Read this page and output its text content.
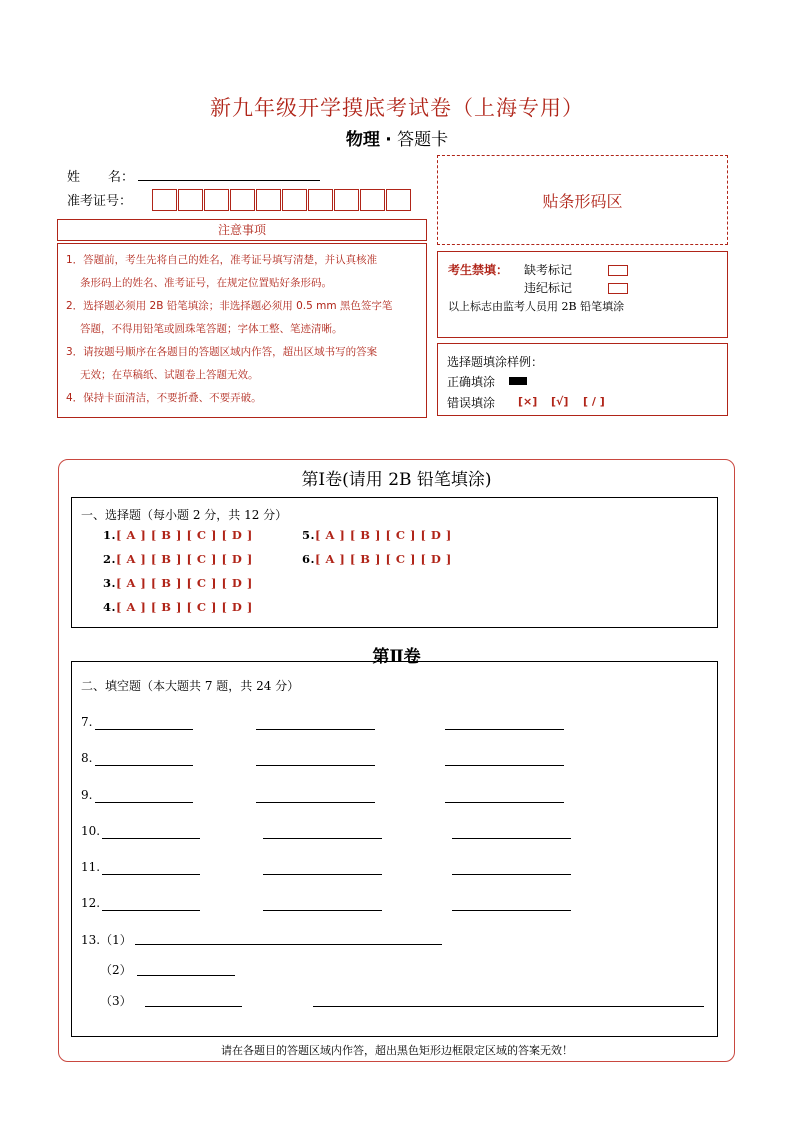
新九年级开学摸底考试卷（上海专用）
物理 · 答题卡
姓 名：
准考证号：	贴条形码区
注意事项
1．答题前，考生先将自己的姓名，准考证号填写清楚，并认真核准
条形码上的姓名、准考证号，在规定位置贴好条形码。
2．选择题必须用 2B 铅笔填涂；非选择题必须用 0.5 mm 黑色签字笔
答题，不得用铅笔或圆珠笔答题；字体工整、笔迹清晰。
3．请按题号顺序在各题目的答题区域内作答，超出区域书写的答案
无效；在草稿纸、试题卷上答题无效。
4．保持卡面清洁，不要折叠、不要弄破。
考生禁填： 缺考标记
违纪标记
以上标志由监考人员用 2B 铅笔填涂
选择题填涂样例：
正确填涂
错误填涂 [×] [√] [ / ]
第Ⅰ卷(请用 2B 铅笔填涂)
一、选择题（每小题 2 分，共 12 分）
1.[ A ] [ B ] [ C ] [ D ]
2.[ A ] [ B ] [ C ] [ D ]
3.[ A ] [ B ] [ C ] [ D ]
4.[ A ] [ B ] [ C ] [ D ]
5.[ A ] [ B ] [ C ] [ D ]
6.[ A ] [ B ] [ C ] [ D ]
第Ⅱ卷
二、填空题（本大题共 7 题，共 24 分）
7.
8.
9.
10.
11.
12.
13.（1）
（2）
（3）
请在各题目的答题区域内作答，超出黑色矩形边框限定区域的答案无效！
